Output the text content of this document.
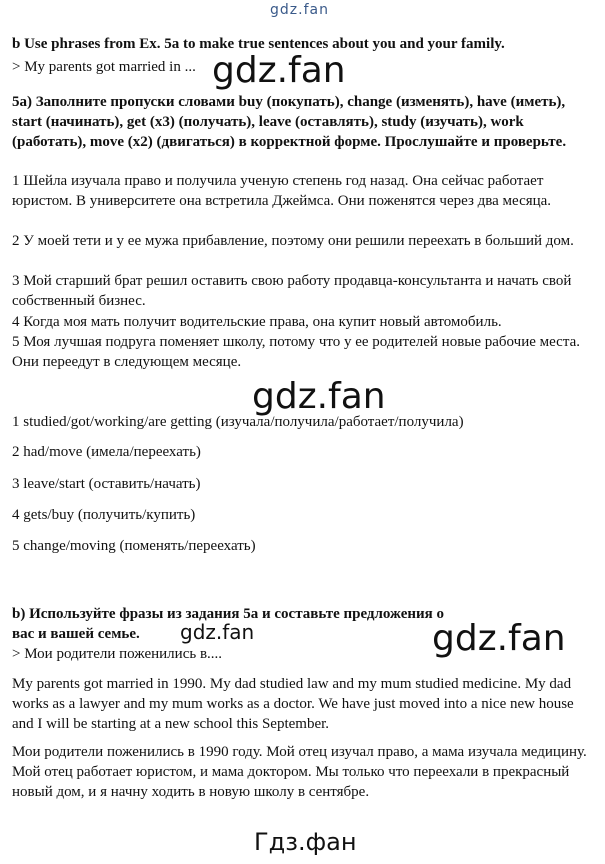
gdz.fan

b Use phrases from Ex. 5a to make true sentences about you and your family.

> My parents got married in ... gdz.fan

5a) Заполните пропуски словами buy (покупать), change (изменять), have (иметь), start (начинать), get (x3) (получать), leave (оставлять), study (изучать), work (работать), move (x2) (двигаться) в корректной форме. Прослушайте и проверьте.

1 Шейла изучала право и получила ученую степень год назад. Она сейчас работает юристом. В университете она встретила Джеймса. Они поженятся через два месяца.

2 У моей тети и у ее мужа прибавление, поэтому они решили переехать в больший дом.

3 Мой старший брат решил оставить свою работу продавца-консультанта и начать свой собственный бизнес.

4 Когда моя мать получит водительские права, она купит новый автомобиль.

5 Моя лучшая подруга поменяет школу, потому что у ее родителей новые рабочие места. Они переедут в следующем месяце.

gdz.fan

1 studied/got/working/are getting (изучала/получила/работает/получила)

2 had/move (имела/переехать)

3 leave/start (оставить/начать)

4 gets/buy (получить/купить)

5 change/moving (поменять/переехать)

b) Используйте фразы из задания 5а и составьте предложения о вас и вашей семье.	gdz.fan	gdz.fan

> Мои родители поженились в....

My parents got married in 1990. My dad studied law and my mum studied medicine. My dad works as a lawyer and my mum works as a doctor. We have just moved into a nice new house and I will be starting at a new school this September.

Мои родители поженились в 1990 году. Мой отец изучал право, а мама изучала медицину. Мой отец работает юристом, и мама доктором. Мы только что переехали в прекрасный новый дом, и я начну ходить в новую школу в сентябре.

Гдз.фан
